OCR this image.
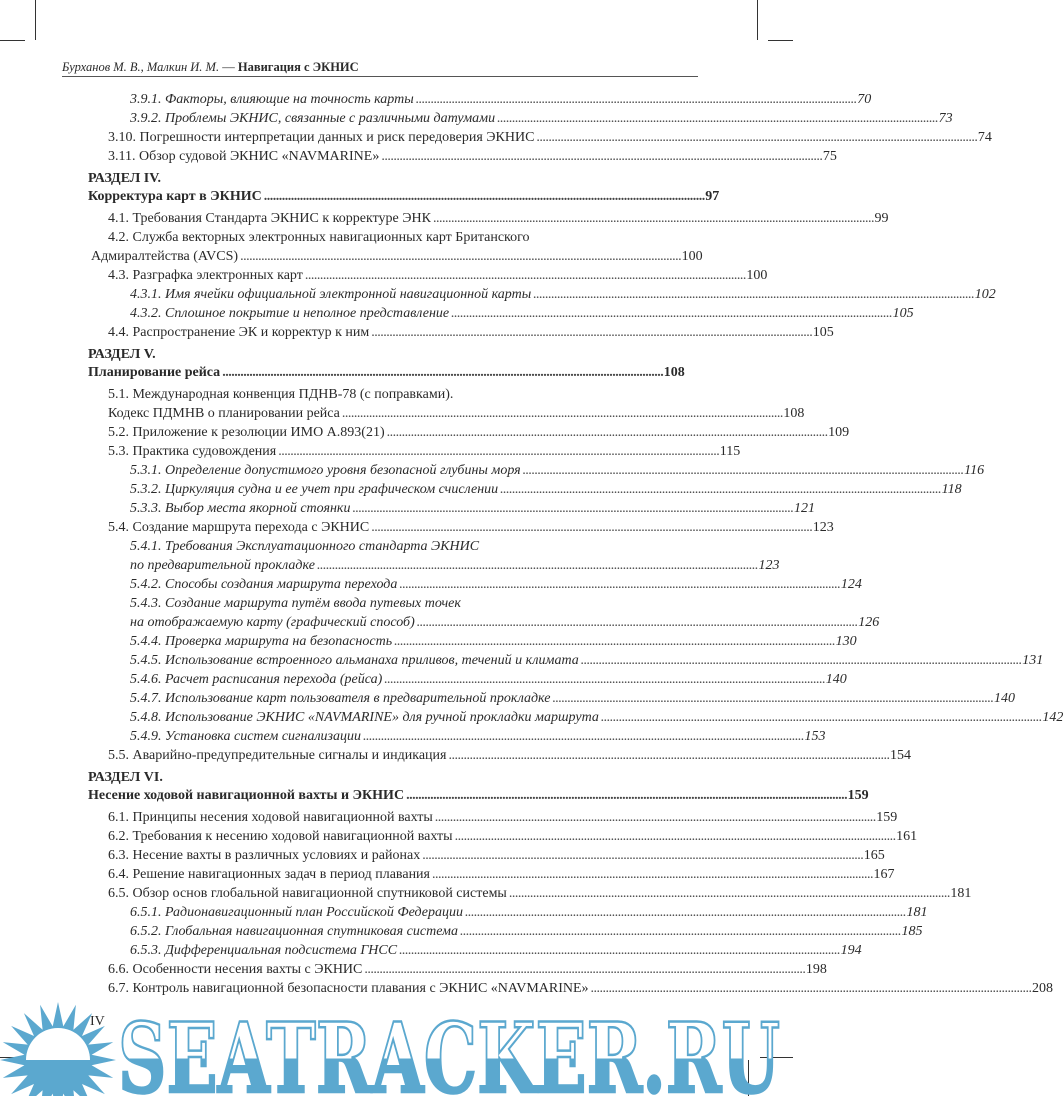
Бурханов М. В., Малкин И. М. — Навигация с ЭКНИС
3.9.1. Факторы, влияющие на точность карты . . .	70
3.9.2. Проблемы ЭКНИС, связанные с различными датумами . . .	73
3.10. Погрешности интерпретации данных и риск передоверия ЭКНИС . . .	74
3.11. Обзор судовой ЭКНИС «NAVMARINE» . . .	75
РАЗДЕЛ IV.
Корректура карт в ЭКНИС . . .	97
4.1. Требования Стандарта ЭКНИС к корректуре ЭНК . . .	99
4.2. Служба векторных электронных навигационных карт Британского
Адмиралтейства (AVCS) . . .	100
4.3. Разграфка электронных карт . . .	100
4.3.1. Имя ячейки официальной электронной навигационной карты . . .	102
4.3.2. Сплошное покрытие и неполное представление . . .	105
4.4. Распространение ЭК и корректур к ним . . .	105
РАЗДЕЛ V.
Планирование рейса . . .	108
5.1. Международная конвенция ПДНВ-78 (с поправками).
Кодекс ПДМНВ о планировании рейса . . .	108
5.2. Приложение к резолюции ИМО А.893(21) . . .	109
5.3. Практика судовождения . . .	115
5.3.1. Определение допустимого уровня безопасной глубины моря . . .	116
5.3.2. Циркуляция судна и ее учет при графическом счислении . . .	118
5.3.3. Выбор места якорной стоянки . . .	121
5.4. Создание маршрута перехода с ЭКНИС . . .	123
5.4.1. Требования Эксплуатационного стандарта ЭКНИС
по предварительной прокладке . . .	123
5.4.2. Способы создания маршрута перехода . . .	124
5.4.3. Создание маршрута путём ввода путевых точек
на отображаемую карту (графический способ) . . .	126
5.4.4. Проверка маршрута на безопасность . . .	130
5.4.5. Использование встроенного альманаха приливов, течений и климата . . .	131
5.4.6. Расчет расписания перехода (рейса) . . .	140
5.4.7. Использование карт пользователя в предварительной прокладке . . .	140
5.4.8. Использование ЭКНИС «NAVMARINE» для ручной прокладки маршрута . . .	142
5.4.9. Установка систем сигнализации . . .	153
5.5. Аварийно-предупредительные сигналы и индикация . . .	154
РАЗДЕЛ VI.
Несение ходовой навигационной вахты и ЭКНИС . . .	159
6.1. Принципы несения ходовой навигационной вахты . . .	159
6.2. Требования к несению ходовой навигационной вахты . . .	161
6.3. Несение вахты в различных условиях и районах . . .	165
6.4. Решение навигационных задач в период плавания . . .	167
6.5. Обзор основ глобальной навигационной спутниковой системы . . .	181
6.5.1. Радионавигационный план Российской Федерации . . .	181
6.5.2. Глобальная навигационная спутниковая система . . .	185
6.5.3. Дифференциальная подсистема ГНСС . . .	194
6.6. Особенности несения вахты с ЭКНИС . . .	198
6.7. Контроль навигационной безопасности плавания с ЭКНИС «NAVMARINE» . . .	208
IV SEATRACKER.RU
